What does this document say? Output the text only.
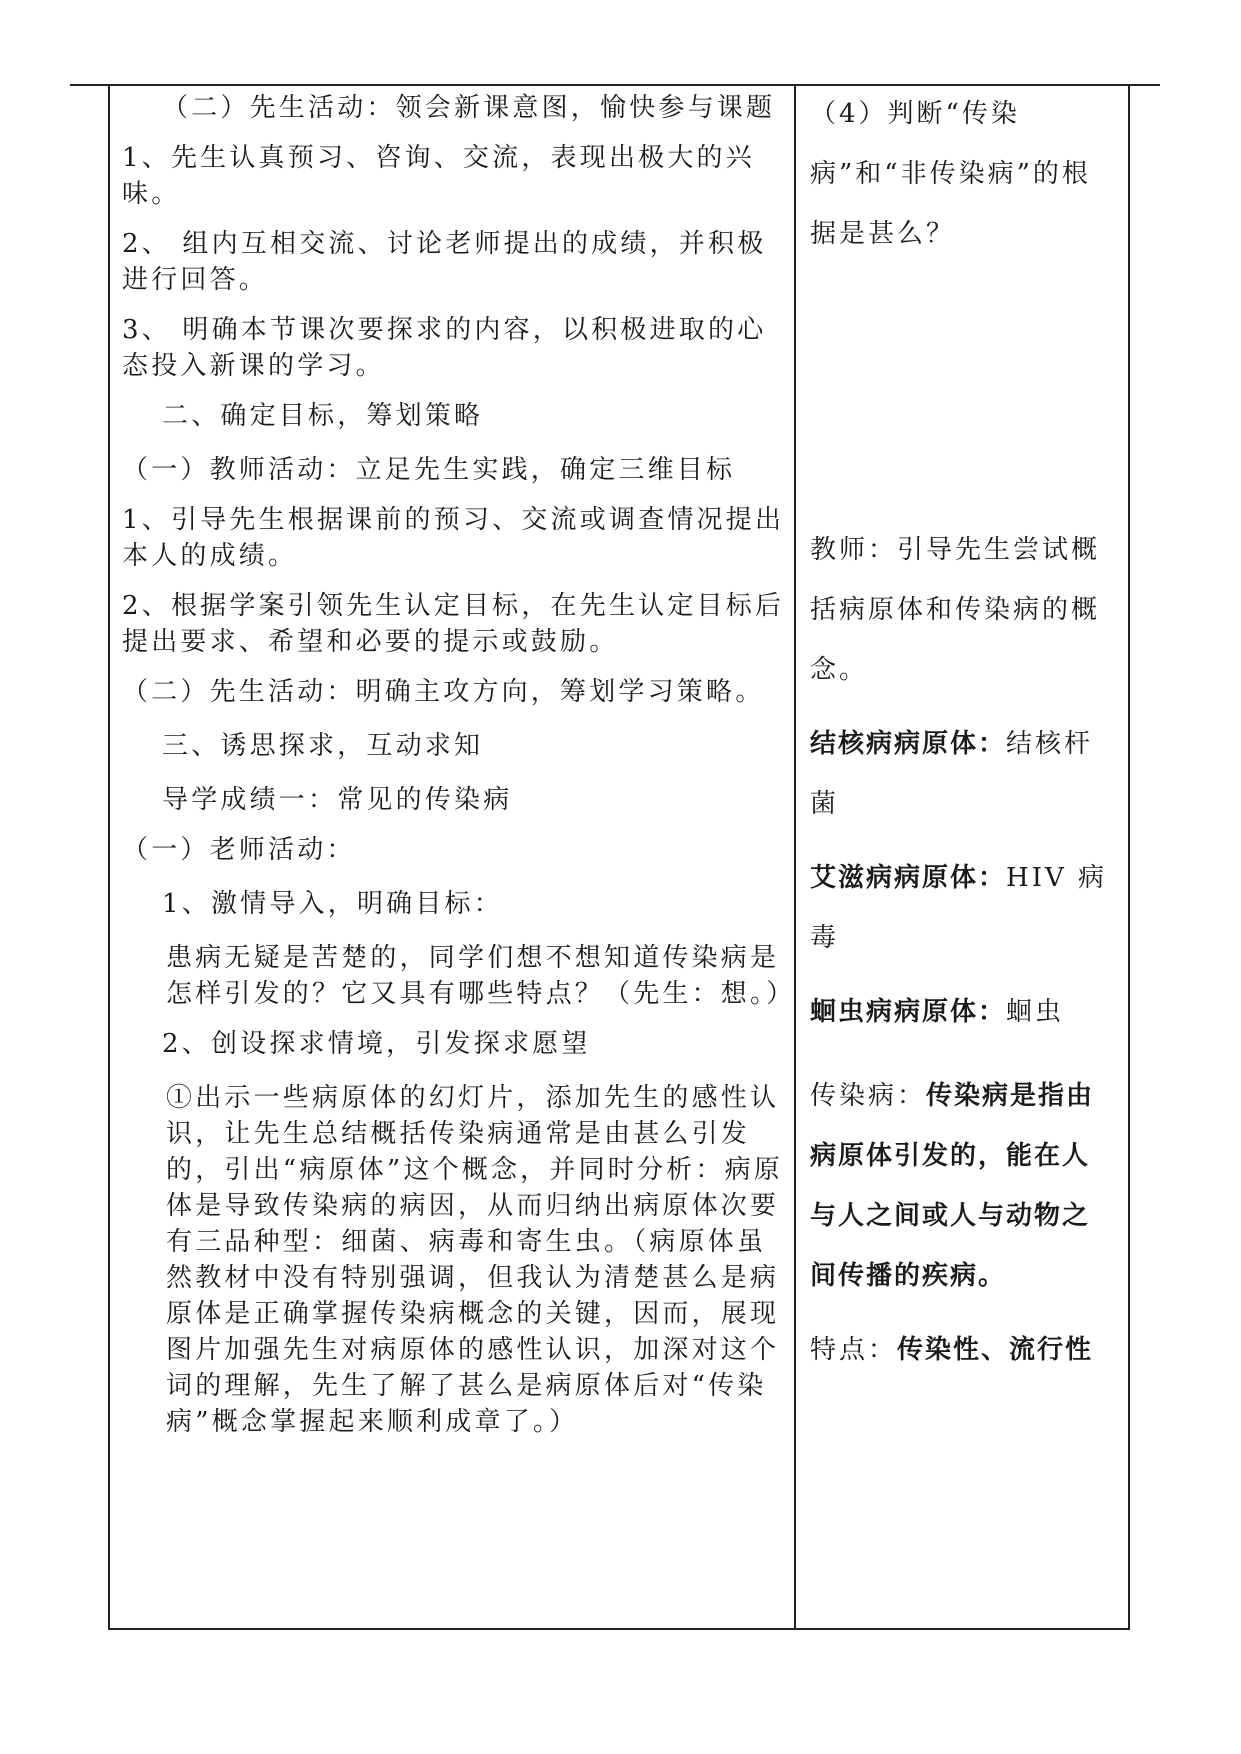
（二）先生活动：领会新课意图，愉快参与课题

1、先生认真预习、咨询、交流，表现出极大的兴味。

2、 组内互相交流、讨论老师提出的成绩，并积极进行回答。

3、 明确本节课次要探求的内容，以积极进取的心态投入新课的学习。

二、确定目标，筹划策略

（一）教师活动：立足先生实践，确定三维目标

1、引导先生根据课前的预习、交流或调查情况提出本人的成绩。

2、根据学案引领先生认定目标，在先生认定目标后提出要求、希望和必要的提示或鼓励。

（二）先生活动：明确主攻方向，筹划学习策略。

三、诱思探求，互动求知

导学成绩一：常见的传染病

（一）老师活动：

1、激情导入，明确目标：

患病无疑是苦楚的，同学们想不想知道传染病是怎样引发的？它又具有哪些特点？（先生：想。）

2、创设探求情境，引发探求愿望

①出示一些病原体的幻灯片，添加先生的感性认识，让先生总结概括传染病通常是由甚么引发的，引出“病原体”这个概念，并同时分析：病原体是导致传染病的病因，从而归纳出病原体次要有三品种型：细菌、病毒和寄生虫。（病原体虽然教材中没有特别强调，但我认为清楚甚么是病原体是正确掌握传染病概念的关键，因而，展现图片加强先生对病原体的感性认识，加深对这个词的理解，先生了解了甚么是病原体后对“传染病”概念掌握起来顺利成章了。）

（4）判断“传染病”和“非传染病”的根据是甚么？

教师：引导先生尝试概括病原体和传染病的概念。

结核病病原体：结核杆菌

艾滋病病原体：HIV 病毒

蛔虫病病原体：蛔虫

传染病：传染病是指由病原体引发的，能在人与人之间或人与动物之间传播的疾病。

特点：传染性、流行性
